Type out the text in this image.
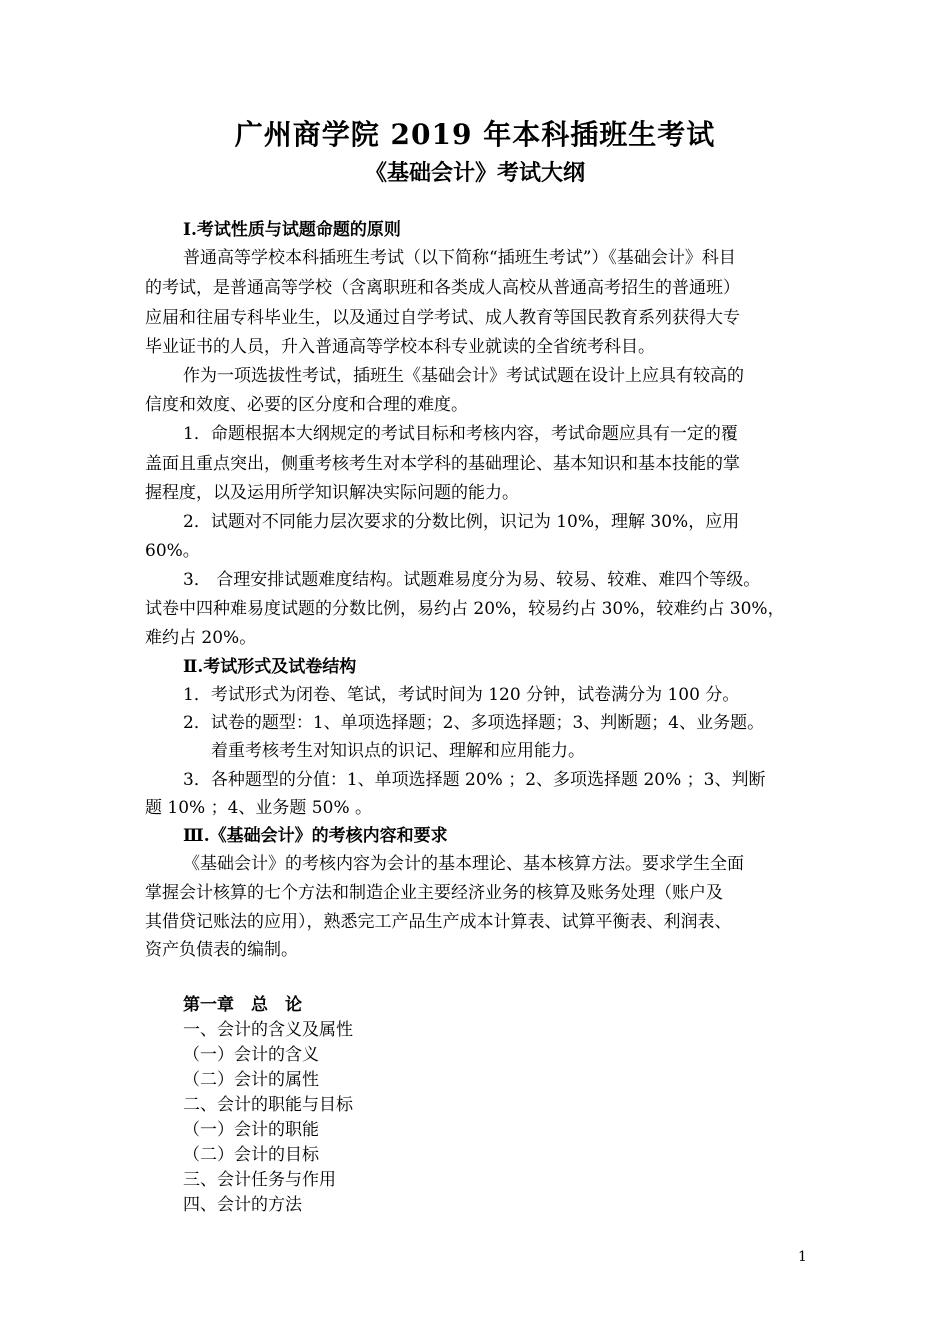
广州商学院 2019 年本科插班生考试
《基础会计》考试大纲
Ⅰ.考试性质与试题命题的原则
普通高等学校本科插班生考试（以下简称“插班生考试”）《基础会计》科目
的考试，是普通高等学校（含离职班和各类成人高校从普通高考招生的普通班）
应届和往届专科毕业生，以及通过自学考试、成人教育等国民教育系列获得大专
毕业证书的人员，升入普通高等学校本科专业就读的全省统考科目。
作为一项选拔性考试，插班生《基础会计》考试试题在设计上应具有较高的
信度和效度、必要的区分度和合理的难度。
1．命题根据本大纲规定的考试目标和考核内容，考试命题应具有一定的覆
盖面且重点突出，侧重考核考生对本学科的基础理论、基本知识和基本技能的掌
握程度，以及运用所学知识解决实际问题的能力。
2．试题对不同能力层次要求的分数比例，识记为 10%，理解 30%，应用
60%。
3． 合理安排试题难度结构。试题难易度分为易、较易、较难、难四个等级。
试卷中四种难易度试题的分数比例，易约占 20%，较易约占 30%，较难约占 30%，
难约占 20%。
Ⅱ.考试形式及试卷结构
1．考试形式为闭卷、笔试，考试时间为 120 分钟，试卷满分为 100 分。
2．试卷的题型：1、单项选择题；2、多项选择题；3、判断题；4、业务题。
着重考核考生对知识点的识记、理解和应用能力。
3．各种题型的分值：1、单项选择题 20% ；2、多项选择题 20% ；3、判断
题 10% ；4、业务题 50% 。
Ⅲ.《基础会计》的考核内容和要求
《基础会计》的考核内容为会计的基本理论、基本核算方法。要求学生全面
掌握会计核算的七个方法和制造企业主要经济业务的核算及账务处理（账户及
其借贷记账法的应用），熟悉完工产品生产成本计算表、试算平衡表、利润表、
资产负债表的编制。
第一章　总　论
一、会计的含义及属性
（一）会计的含义
（二）会计的属性
二、会计的职能与目标
（一）会计的职能
（二）会计的目标
三、会计任务与作用
四、会计的方法
1
